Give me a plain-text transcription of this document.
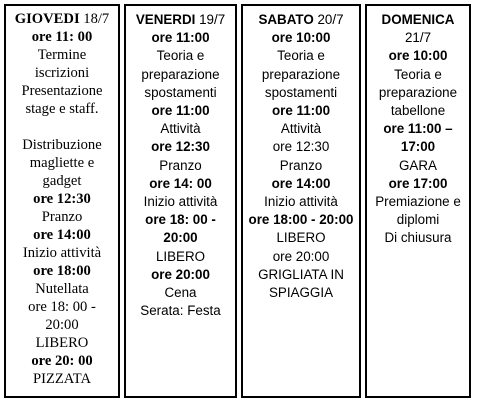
GIOVEDI 18/7
ore 11: 00
Termine
iscrizioni
Presentazione
stage e staff.
Distribuzione
magliette e
gadget
ore 12:30
Pranzo
ore 14:00
Inizio attività
ore 18:00
Nutellata
ore 18: 00 -
20:00
LIBERO
ore 20: 00
PIZZATA
VENERDI 19/7
ore 11:00
Teoria e
preparazione
spostamenti
ore 11:00
Attività
ore 12:30
Pranzo
ore 14: 00
Inizio attività
ore 18: 00 -
20:00
LIBERO
ore 20:00
Cena
Serata: Festa
SABATO 20/7
ore 10:00
Teoria e
preparazione
spostamenti
ore 11:00
Attività
ore 12:30
Pranzo
ore 14:00
Inizio attività
ore 18:00 - 20:00
LIBERO
ore 20:00
GRIGLIATA IN
SPIAGGIA
DOMENICA
21/7
ore 10:00
Teoria e
preparazione
tabellone
ore 11:00 –
17:00
GARA
ore 17:00
Premiazione e
diplomi
Di chiusura
